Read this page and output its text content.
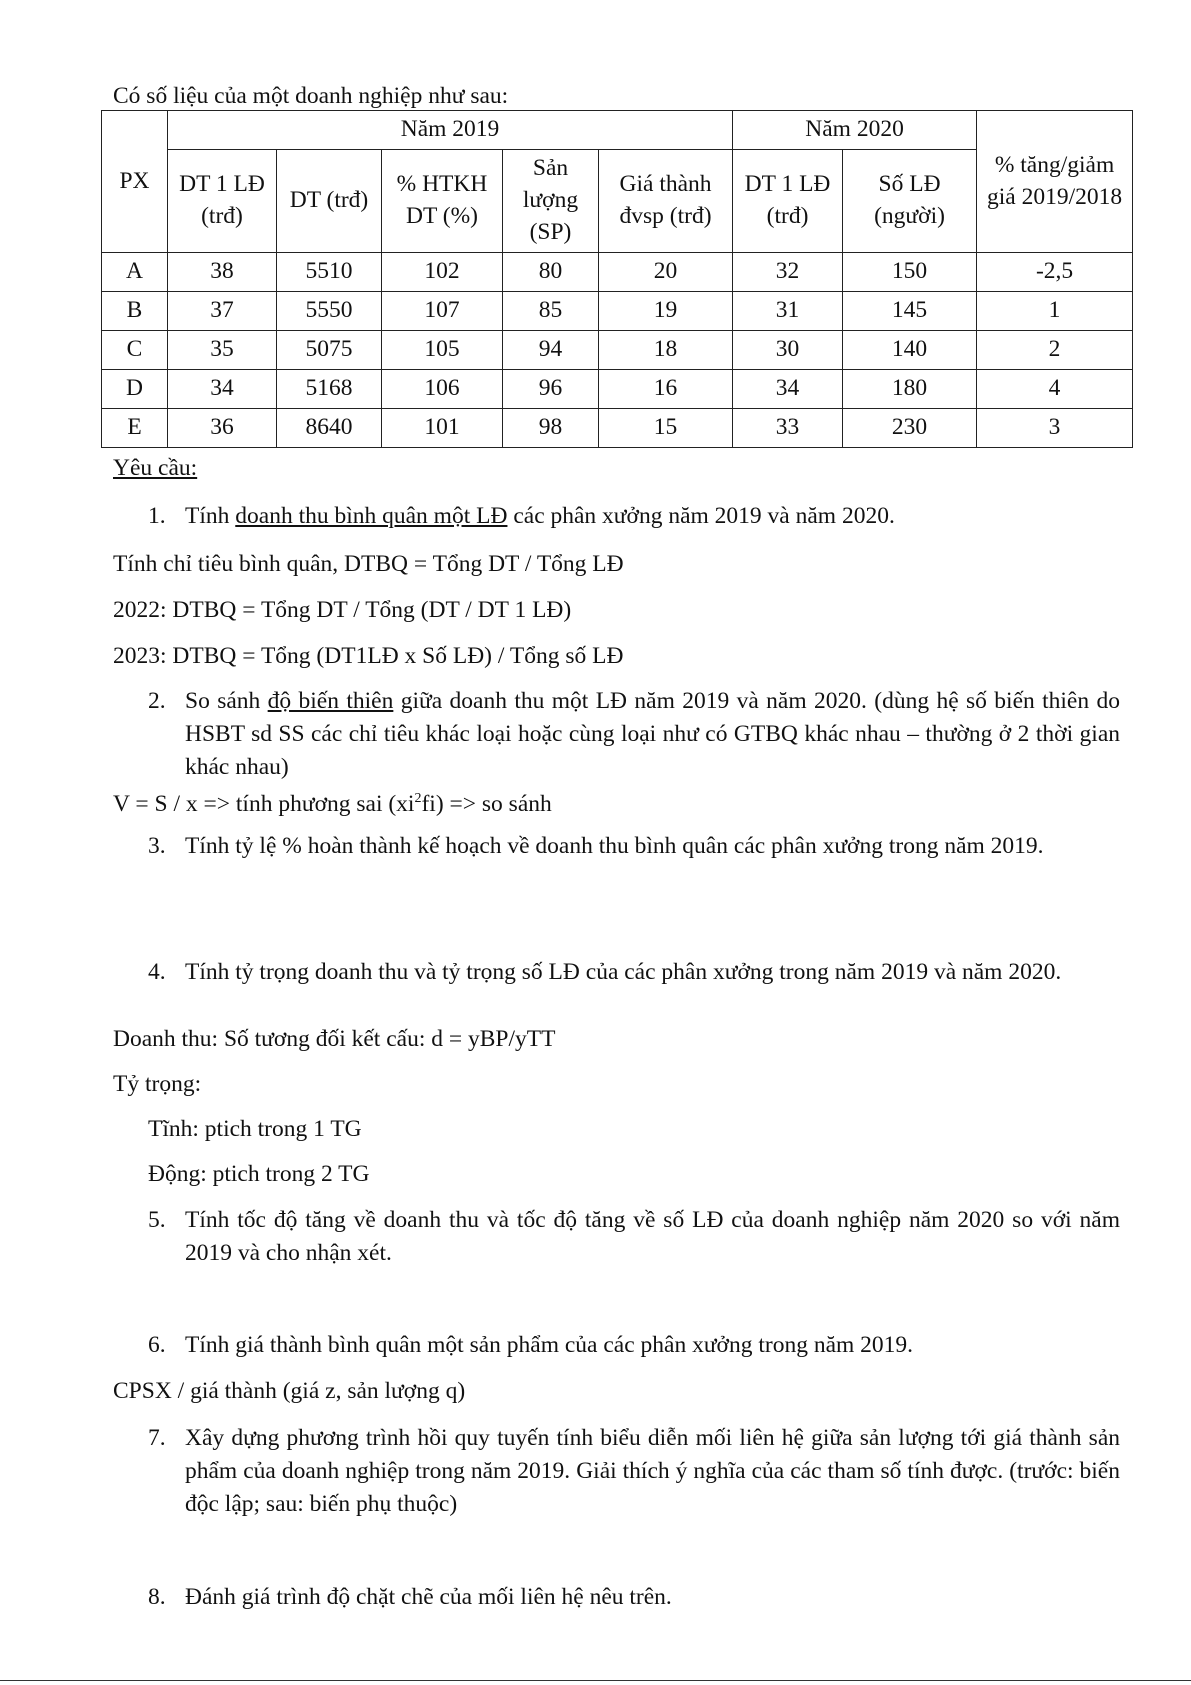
Có số liệu của một doanh nghiệp như sau:

PX	Năm 2019					Năm 2020		% tăng/giảm giá 2019/2018
	DT 1 LĐ (trđ)	DT (trđ)	% HTKH DT (%)	Sản lượng (SP)	Giá thành đvsp (trđ)	DT 1 LĐ (trđ)	Số LĐ (người)	
A	38	5510	102	80	20	32	150	-2,5
B	37	5550	107	85	19	31	145	1
C	35	5075	105	94	18	30	140	2
D	34	5168	106	96	16	34	180	4
E	36	8640	101	98	15	33	230	3

Yêu cầu:

1. Tính doanh thu bình quân một LĐ các phân xưởng năm 2019 và năm 2020.

Tính chỉ tiêu bình quân, DTBQ = Tổng DT / Tổng LĐ

2022: DTBQ = Tổng DT / Tổng (DT / DT 1 LĐ)

2023: DTBQ = Tổng (DT1LĐ x Số LĐ) / Tổng số LĐ

2. So sánh độ biến thiên giữa doanh thu một LĐ năm 2019 và năm 2020. (dùng hệ số biến thiên do HSBT sd SS các chỉ tiêu khác loại hoặc cùng loại như có GTBQ khác nhau – thường ở 2 thời gian khác nhau)

V = S / x => tính phương sai $(xi^2fi)$ => so sánh

3. Tính tỷ lệ % hoàn thành kế hoạch về doanh thu bình quân các phân xưởng trong năm 2019.

4. Tính tỷ trọng doanh thu và tỷ trọng số LĐ của các phân xưởng trong năm 2019 và năm 2020.

Doanh thu: Số tương đối kết cấu: d = yBP/yTT

Tỷ trọng:

Tĩnh: ptich trong 1 TG

Động: ptich trong 2 TG

5. Tính tốc độ tăng về doanh thu và tốc độ tăng về số LĐ của doanh nghiệp năm 2020 so với năm 2019 và cho nhận xét.

6. Tính giá thành bình quân một sản phẩm của các phân xưởng trong năm 2019.

CPSX / giá thành (giá z, sản lượng q)

7. Xây dựng phương trình hồi quy tuyến tính biểu diễn mối liên hệ giữa sản lượng tới giá thành sản phẩm của doanh nghiệp trong năm 2019. Giải thích ý nghĩa của các tham số tính được. (trước: biến độc lập; sau: biến phụ thuộc)

8. Đánh giá trình độ chặt chẽ của mối liên hệ nêu trên.
